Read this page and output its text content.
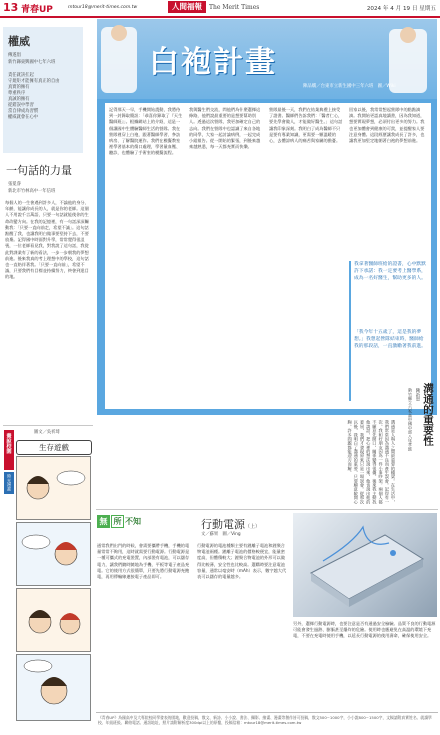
13 青春UP	mtour18@merit-times.com.tw	人間福報	The Merit Times	2024 年 4 月 19 日 星期五
權威
傳遂倡
新竹縣東興國中七年六班
責任就該扛起
守規矩才能擁有真正的自由
真實的擁有
尊重秩序
真誠的擁有
從錯誤中學習
當自律成為習慣
權威就會在心中
一句話的力量
張冕睿
新北市竹林高中一年信班
每個人的一生會遇到許多人，不論他的身分、年齡，能讓你成長的人，就是你的老師。這個人不用說千言萬語，只要一句話就能使你的生命改變方向。在我的記憶裡，有一句話深深觸動我：「只要一直向前走，希望不滅」。這句話點醒了我，也讓我明白做事要堅持下去，不要放棄。記得國中時面對升學，常常覺得很沮喪，一位老師看見我，對我說了這句話，我從此對課業有了新的看法，一步一步朝我的夢想前進。後來我真的考上理想中的學校，這句話也一直陪伴著我。「只要一直向前」，希望不滅，只要我們有目標並持續努力，終會到達目的地。
畫說校園
時光漫畫
圖文／吳祈琦
生存遊戲
白袍計畫
陳品嫻／台東市立新生國中三年六班　圖／Wiki
記得那天一早，手機開始震動，我將待到一封錄取簡訊：「恭喜你錄取了『天生醫師班』」。根據網站上的介紹，這是一個讓國中生體驗醫師生活的營隊。我在營隊裡穿上白袍，跟著醫師學習、參訪病房、了解醫院運作。我們在模擬教室裡學習基本的傷口處理，學習量血壓、聽診，也體驗了手術室的模擬流程。
我與醫生們交流，問他們為什麼選擇這條路，他們說最重要的是想要幫助別人。透過這次營隊，我更加確定自己的志向。我們在營隊中也認識了來自各地的同學，大家一起討論病例，一起完成小組報告。從一開始的緊張，到後來越來越熟悉，每一天都充實而快樂。
營隊最後一天，我們在結業典禮上接受了證書。醫師們告訴我們：「醫者仁心，要先學會做人，才能做好醫生。」這句話讓我印象深刻。我明白了成為醫師不只是要有專業知識，更需要一顆溫暖的心，去體諒病人的痛苦與家屬的擔憂。
回家以後，我常常想起營隊中的點點滴滴。我開始更認真地讀書，因為我知道，想要實現夢想，必須付出更多的努力。我也更加體會到健康的可貴，並提醒家人要注意身體。這段經歷讓我成長了許多，也讓我更加堅定地朝著白袍的夢想前進。
我拿著醫師班給的證書，心中默默許下承諾：我一定要考上醫學系，成為一名好醫生，幫助更多的人。
「我今年十五歲了，這是我的夢想。」我想起營隊結束時，醫師給我的那段話，一直激勵著我前進。
溝通的重要性
陳祈恩
新竹縣立六家高中國中部八年孝班
溝通是人與人之間最重要的橋梁。在生活中，我們常常因為溝通不良而產生誤會。記得有一次，我和好朋友因為一件小事吵架，兩個人都不願意先開口，關係變得很僵。後來我主動找他談話，把心裡的想法說出來，他也說出他的委屈，我們才發現原來只是一場誤會。從那次以後，我明白了溝通的重要，只要願意敞開心胸，許多問題都能迎刃而解。
無 所 不知	行動電源（上）
文／蘇果　圖／Ving
通常我們出門的時候，會需要攜帶手機，手機的電量常常不夠用，這時就需要行動電源。行動電源是一種可攜式的充電裝置，內部裝有電池，可以儲存電力，讓我們隨時隨地為手機、平板等電子產品充電。它的使用方式很簡單，只要先將行動電源充飽電，再用傳輸線連接電子產品即可。
行動電源的電池種類主要有鋰離子電池和鋰聚合物電池兩種。鋰離子電池的價格較便宜，能量密度高，但體積較大；鋰聚合物電池的外形可以做得比較薄，安全性也比較高。選購時要注意電池容量，通常以毫安時（mAh）表示，數字越大代表可以儲存的電量越多。
另外，選擇行動電源時，也要注意是否有通過安全檢驗。品質不良的行動電源可能會發生過熱、膨脹甚至爆炸的危險。使用時也應避免在高溫的環境下充電，不要在充電時使用手機，以延長行動電源的使用壽命，確保使用安全。
《青春UP》為國高中及大專院校同學發表的園地，歡迎投稿，散文、新詩、小小說、書法、攝影、繪畫、漫畫等創作皆可投稿，散文500~1000字，小小說800~1500字，文稿請附真實姓名、就讀學校、年級班級、聯絡電話、通訊地址，照片請附解析度300dpi以上的原檔，投稿信箱：mtour18@merit-times.com.tw
